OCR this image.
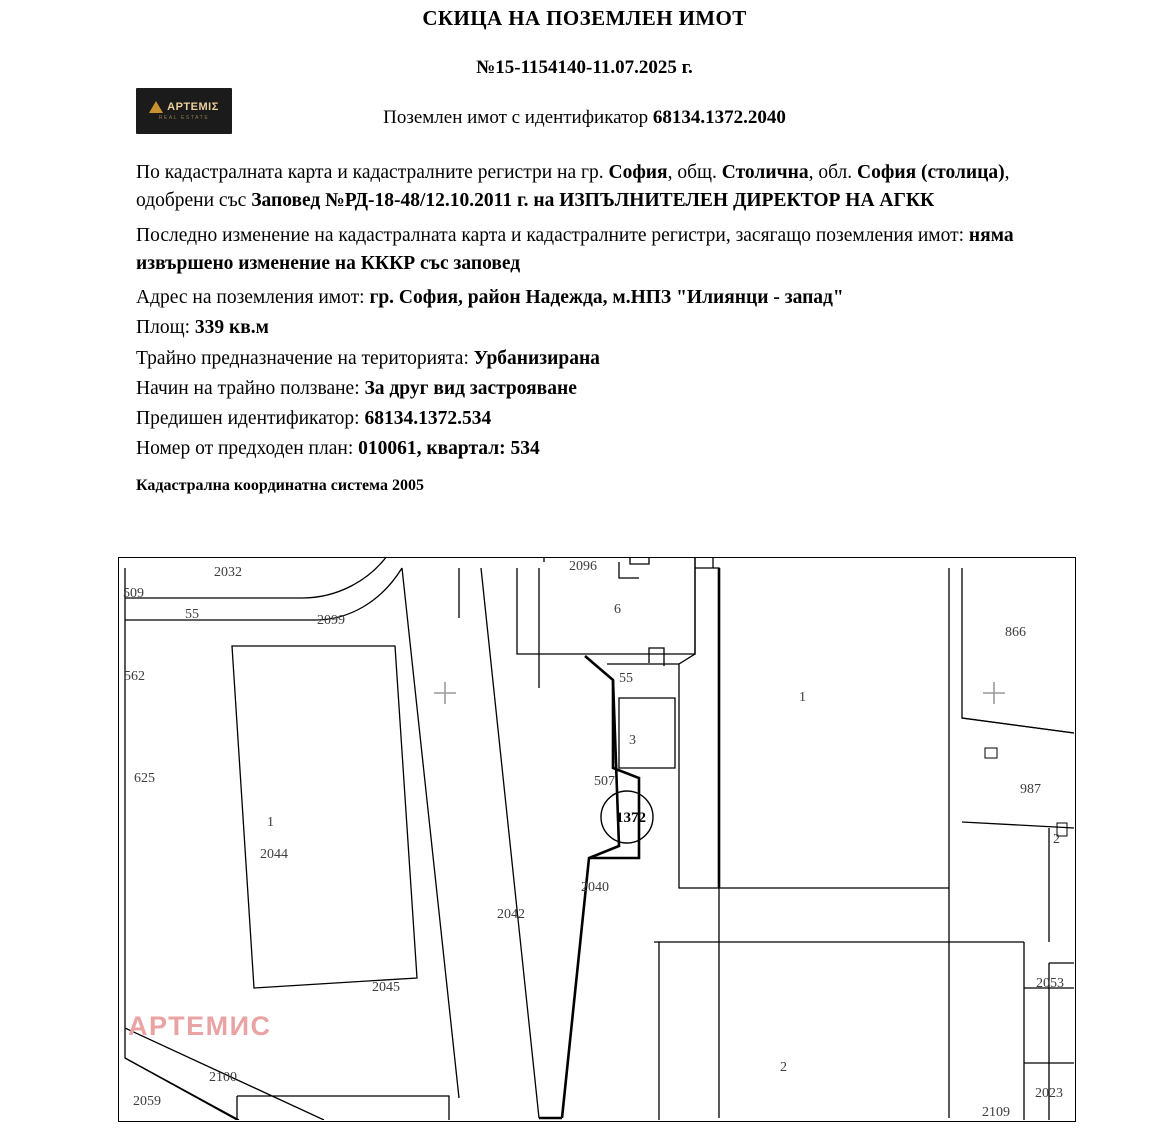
СКИЦА НА ПОЗЕМЛЕН ИМОТ
№15-1154140-11.07.2025 г.
ΑΡΤΕΜΙΣ
REAL ESTATE	Поземлен имот с идентификатор 68134.1372.2040
По кадастралната карта и кадастралните регистри на гр. София, общ. Столична, обл. София (столица), одобрени със Заповед №РД-18-48/12.10.2011 г. на ИЗПЪЛНИТЕЛЕН ДИРЕКТОР НА АГКК
Последно изменение на кадастралната карта и кадастралните регистри, засягащо поземления имот: няма извършено изменение на КККР със заповед

Адрес на поземления имот: гр. София, район Надежда, м.НПЗ "Илиянци - запад"

Площ: 339 кв.м

Трайно предназначение на територията: Урбанизирана

Начин на трайно ползване: За друг вид застрояване

Предишен идентификатор: 68134.1372.534

Номер от предходен план: 010061, квартал: 534

Кадастрална координатна система 2005
2032
509
55	2099
2096
6
866
562	55
1
625
3
987
507
1
2044
1372
2
2040
2042
2045	2053
2
2100
2059
2023
2109
АРТЕМИС
